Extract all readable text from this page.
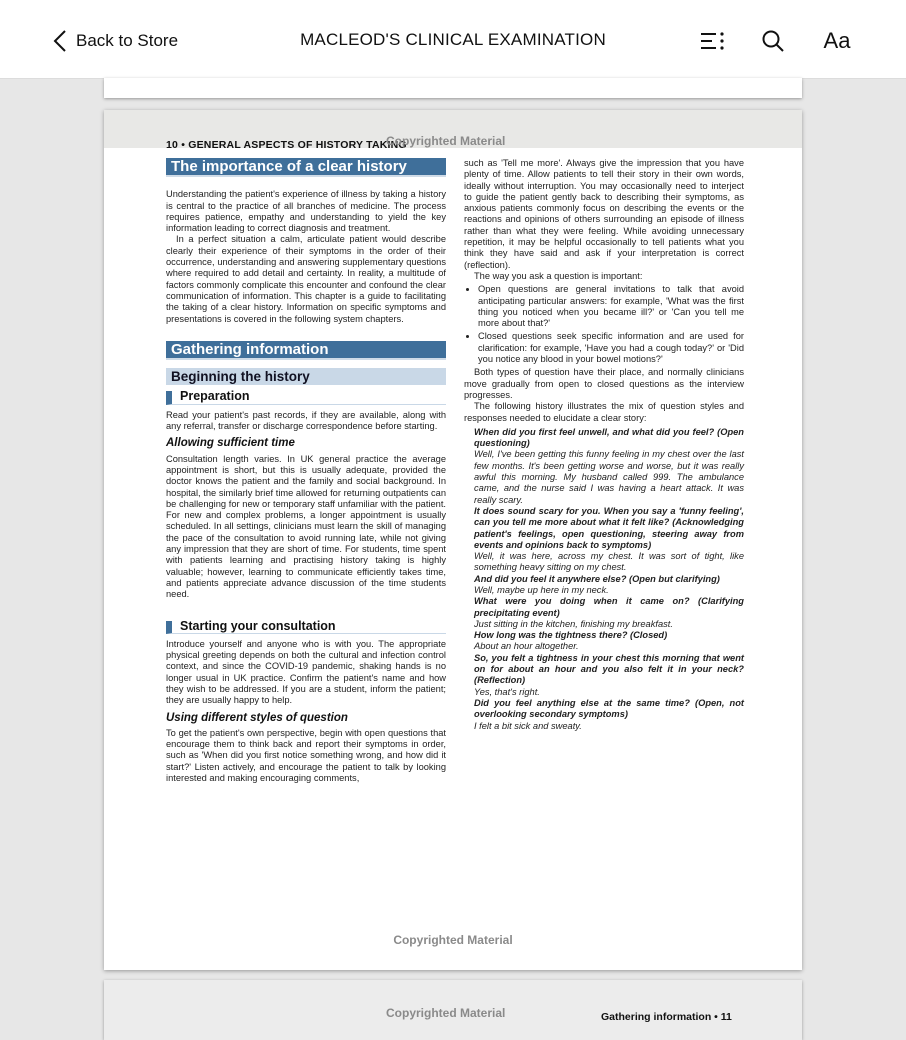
Back to Store	MACLEOD'S CLINICAL EXAMINATION	Aa
10 • GENERAL ASPECTS OF HISTORY TAKING
Copyrighted Material
The importance of a clear history

Understanding the patient's experience of illness by taking a history is central to the practice of all branches of medicine. The process requires patience, empathy and understanding to yield the key information leading to correct diagnosis and treatment.

In a perfect situation a calm, articulate patient would describe clearly their experience of their symptoms in the order of their occurrence, understanding and answering supplementary questions where required to add detail and certainty. In reality, a multitude of factors commonly complicate this encounter and confound the clear communication of information. This chapter is a guide to facilitating the taking of a clear history. Information on specific symptoms and presentations is covered in the following system chapters.

Gathering information
Beginning the history
Preparation

Read your patient's past records, if they are available, along with any referral, transfer or discharge correspondence before starting.

Allowing sufficient time

Consultation length varies. In UK general practice the average appointment is short, but this is usually adequate, provided the doctor knows the patient and the family and social background. In hospital, the similarly brief time allowed for returning outpatients can be challenging for new or temporary staff unfamiliar with the patient. For new and complex problems, a longer appointment is usually scheduled. In all settings, clinicians must learn the skill of managing the pace of the consultation to avoid running late, while not giving any impression that they are short of time. For students, time spent with patients learning and practising history taking is highly valuable; however, learning to communicate efficiently takes time, and patients appreciate advance discussion of the time students need.

Starting your consultation

Introduce yourself and anyone who is with you. The appropriate physical greeting depends on both the cultural and infection control context, and since the COVID-19 pandemic, shaking hands is no longer usual in UK practice. Confirm the patient's name and how they wish to be addressed. If you are a student, inform the patient; they are usually happy to help.

Using different styles of question

To get the patient's own perspective, begin with open questions that encourage them to think back and report their symptoms in order, such as 'When did you first notice something wrong, and how did it start?' Listen actively, and encourage the patient to talk by looking interested and making encouraging comments,

such as 'Tell me more'. Always give the impression that you have plenty of time. Allow patients to tell their story in their own words, ideally without interruption. You may occasionally need to interject to guide the patient gently back to describing their symptoms, as anxious patients commonly focus on describing the events or the reactions and opinions of others surrounding an episode of illness rather than what they were feeling. While avoiding unnecessary repetition, it may be helpful occasionally to tell patients what you think they have said and ask if your interpretation is correct (reflection).

The way you ask a question is important:

• Open questions are general invitations to talk that avoid anticipating particular answers: for example, 'What was the first thing you noticed when you became ill?' or 'Can you tell me more about that?'
• Closed questions seek specific information and are used for clarification: for example, 'Have you had a cough today?' or 'Did you notice any blood in your bowel motions?'

Both types of question have their place, and normally clinicians move gradually from open to closed questions as the interview progresses.

The following history illustrates the mix of question styles and responses needed to elucidate a clear story:

When did you first feel unwell, and what did you feel? (Open questioning)

Well, I've been getting this funny feeling in my chest over the last few months. It's been getting worse and worse, but it was really awful this morning. My husband called 999. The ambulance came, and the nurse said I was having a heart attack. It was really scary.

It does sound scary for you. When you say a 'funny feeling', can you tell me more about what it felt like? (Acknowledging patient's feelings, open questioning, steering away from events and opinions back to symptoms)

Well, it was here, across my chest. It was sort of tight, like something heavy sitting on my chest.

And did you feel it anywhere else? (Open but clarifying)

Well, maybe up here in my neck.

What were you doing when it came on? (Clarifying precipitating event)

Just sitting in the kitchen, finishing my breakfast.

How long was the tightness there? (Closed)

About an hour altogether.

So, you felt a tightness in your chest this morning that went on for about an hour and you also felt it in your neck? (Reflection)

Yes, that's right.

Did you feel anything else at the same time? (Open, not overlooking secondary symptoms)

I felt a bit sick and sweaty.

Copyrighted Material
Copyrighted Material	Gathering information • 11
